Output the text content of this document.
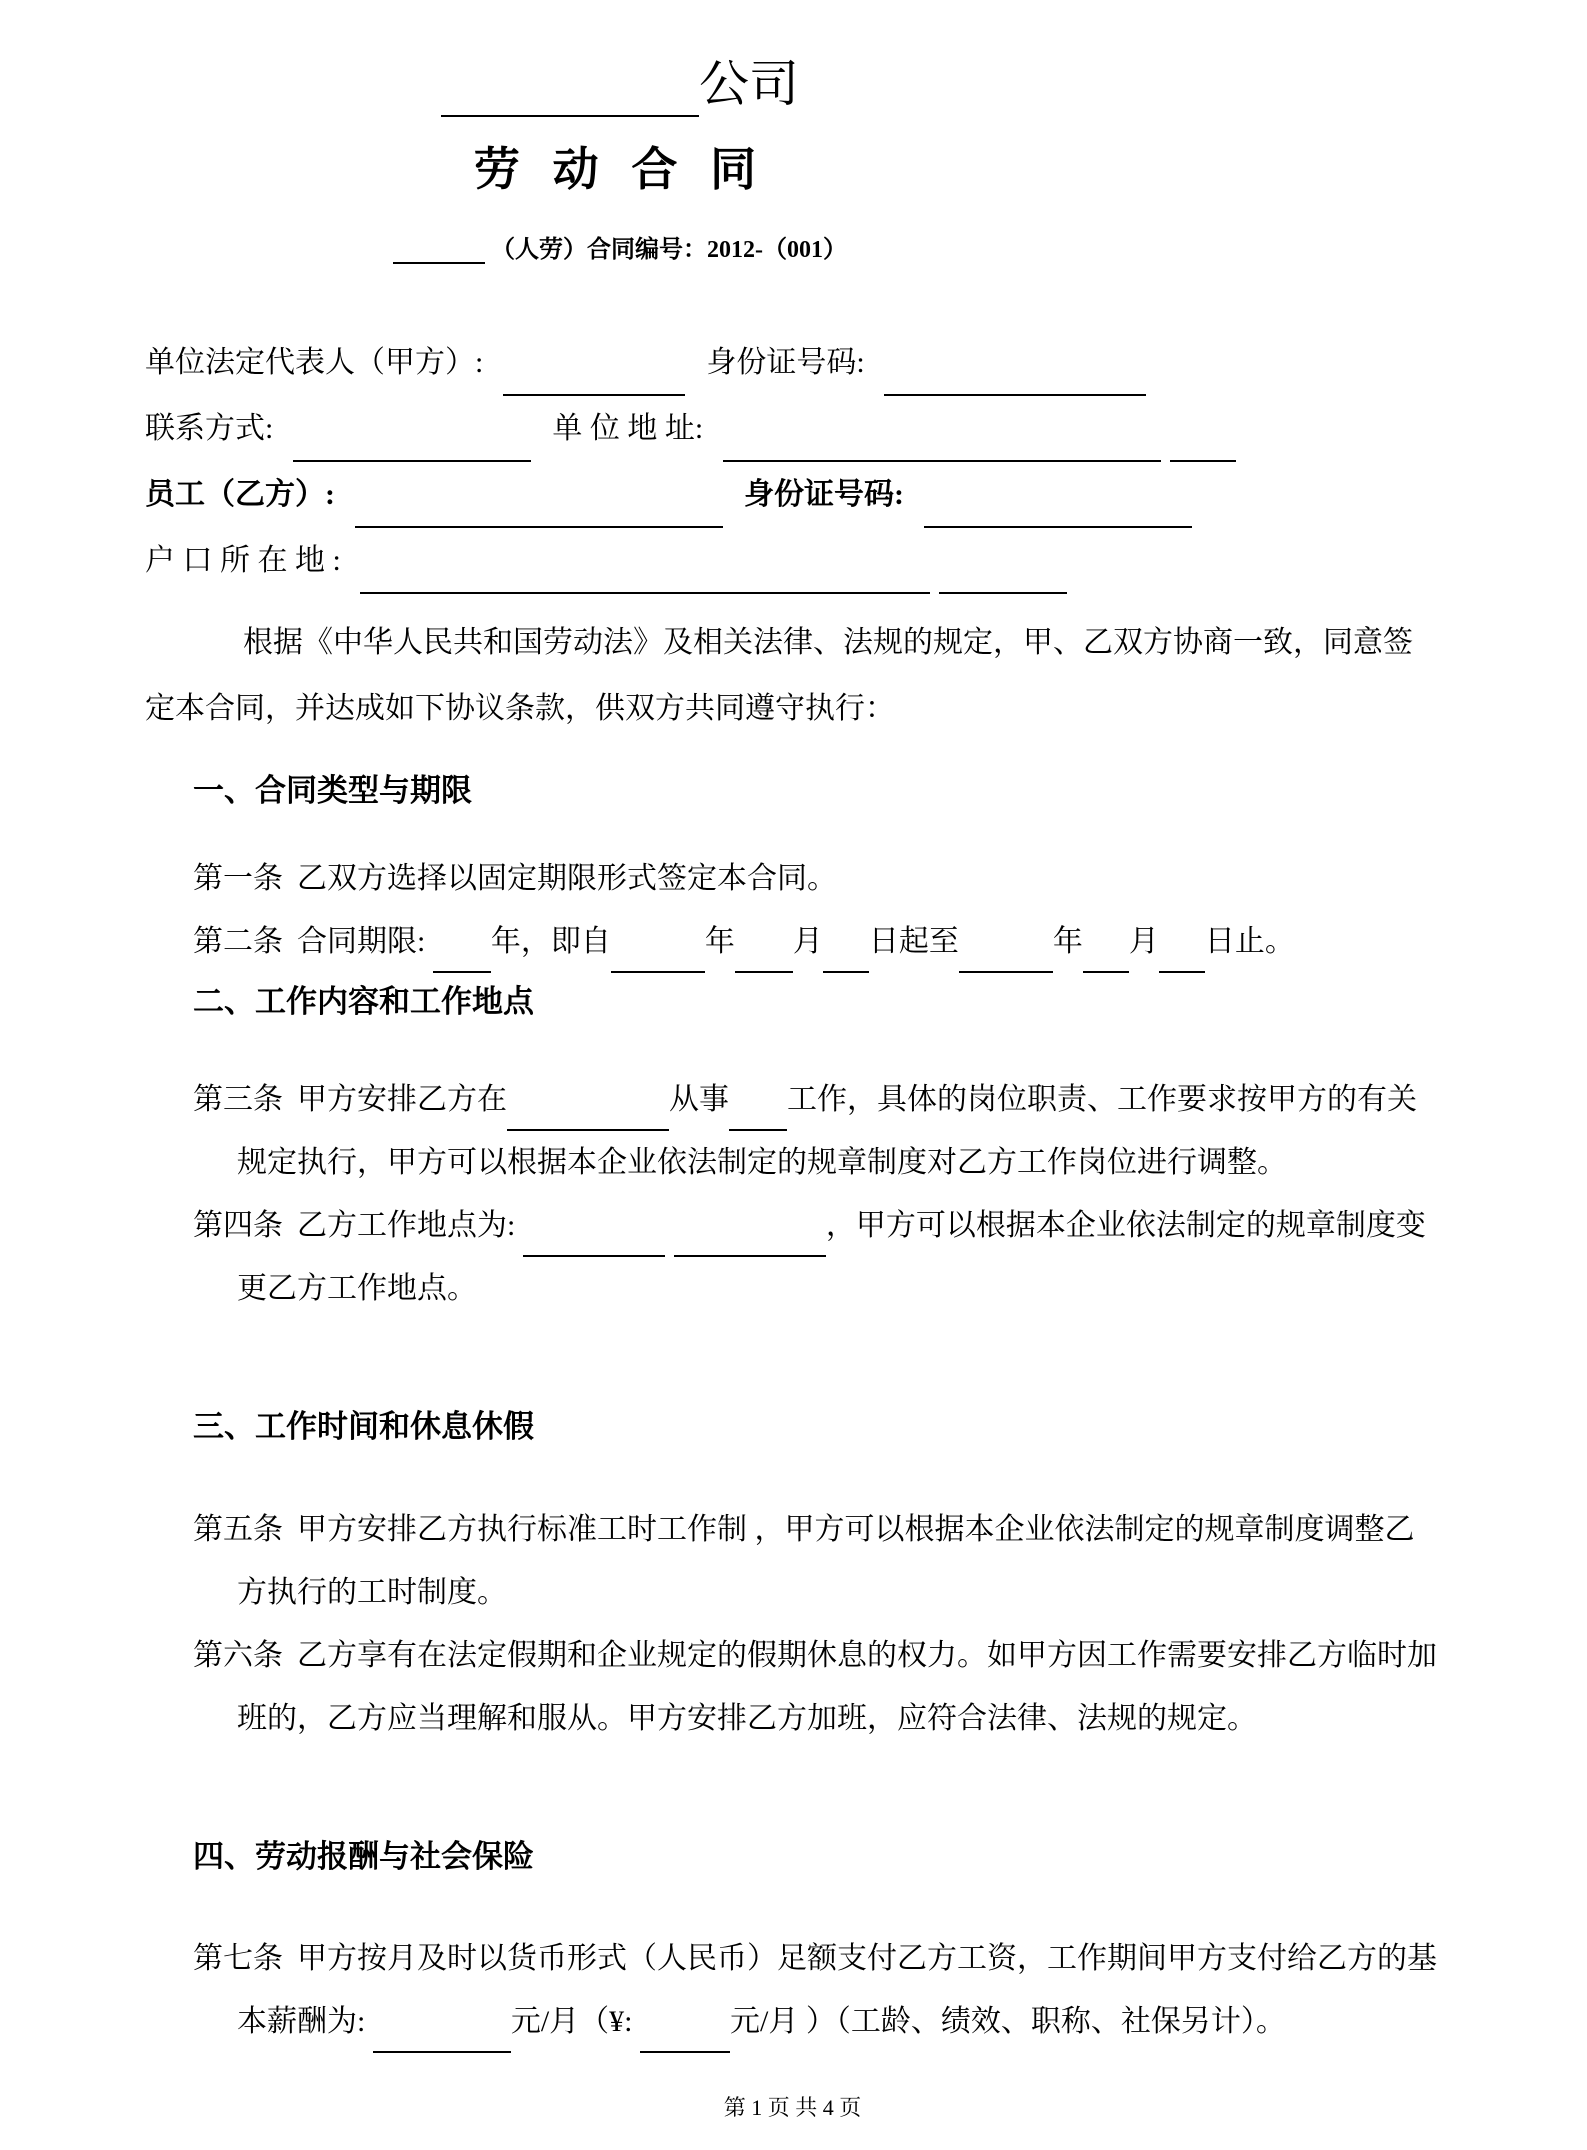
公司
劳 动 合 同
（人劳）合同编号：2012-（001）
单位法定代表人（甲方）:	身份证号码:
联系方式:	单 位 地 址:
员工（乙方）:	身份证号码:
户 口 所 在 地 :

根据《中华人民共和国劳动法》及相关法律、法规的规定，甲、乙双方协商一致，同意签定本合同，并达成如下协议条款，供双方共同遵守执行：

一、合同类型与期限

第一条 乙双方选择以固定期限形式签定本合同。

第二条 合同期限: 年，即自	年 月 日起至	年 月 日止。

二、工作内容和工作地点

第三条 甲方安排乙方在	从事 工作，具体的岗位职责、工作要求按甲方的有关规定执行，甲方可以根据本企业依法制定的规章制度对乙方工作岗位进行调整。

第四条 乙方工作地点为:	，甲方可以根据本企业依法制定的规章制度变更乙方工作地点。

三、工作时间和休息休假

第五条 甲方安排乙方执行标准工时工作制 ，甲方可以根据本企业依法制定的规章制度调整乙方执行的工时制度。

第六条 乙方享有在法定假期和企业规定的假期休息的权力。如甲方因工作需要安排乙方临时加班的，乙方应当理解和服从。甲方安排乙方加班，应符合法律、法规的规定。

四、劳动报酬与社会保险

第七条 甲方按月及时以货币形式（人民币）足额支付乙方工资，工作期间甲方支付给乙方的基本薪酬为:	元/月（¥:	元/月 ）（工龄、绩效、职称、社保另计）。

第 1 页 共 4 页
